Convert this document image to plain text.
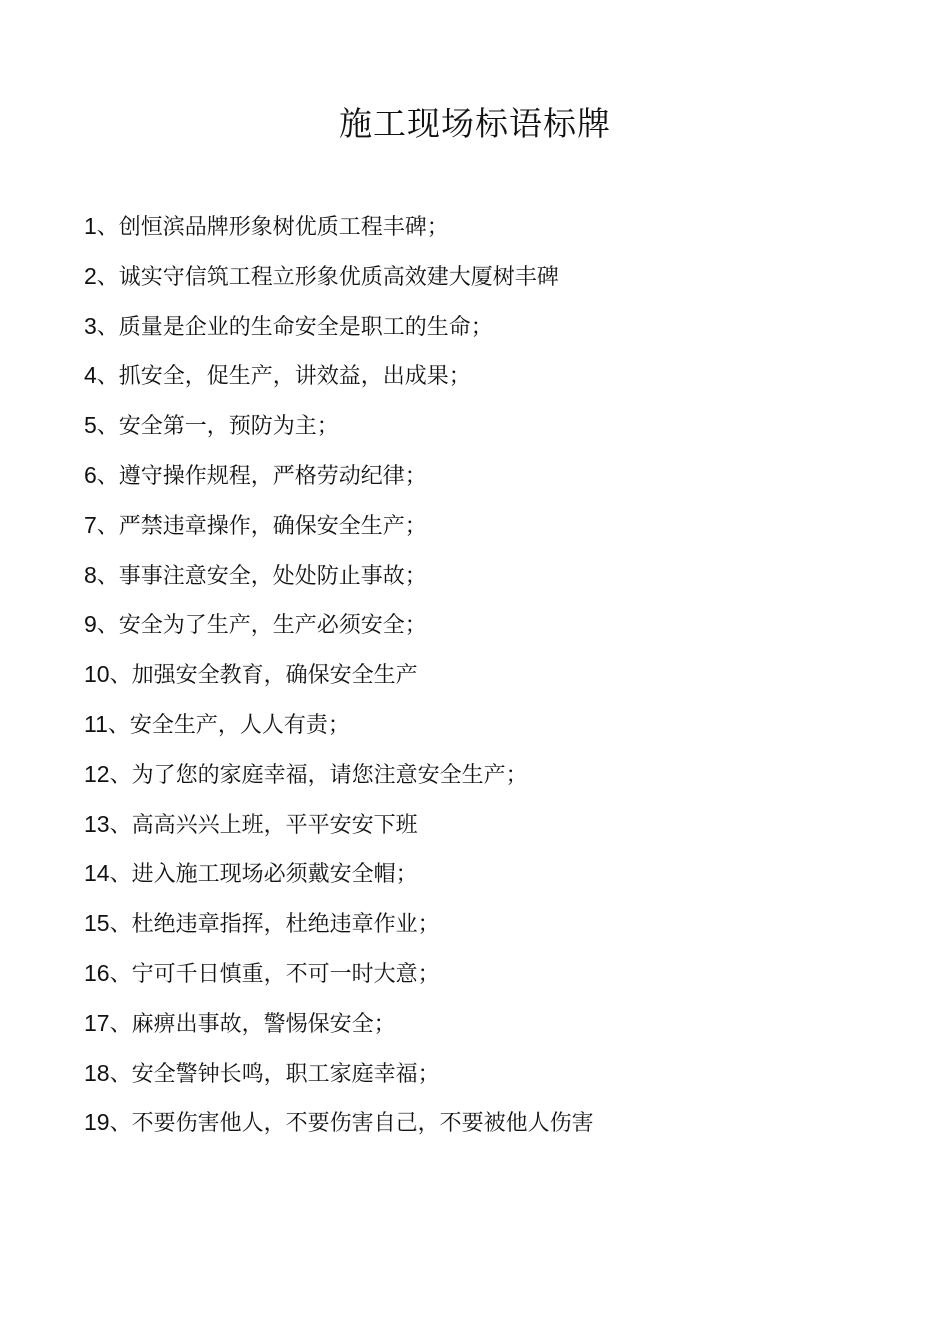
施工现场标语标牌
1、创恒滨品牌形象树优质工程丰碑；
2、诚实守信筑工程立形象优质高效建大厦树丰碑
3、质量是企业的生命安全是职工的生命；
4、抓安全，促生产，讲效益，出成果；
5、安全第一，预防为主；
6、遵守操作规程，严格劳动纪律；
7、严禁违章操作，确保安全生产；
8、事事注意安全，处处防止事故；
9、安全为了生产，生产必须安全；
10、加强安全教育，确保安全生产
11、安全生产，人人有责；
12、为了您的家庭幸福，请您注意安全生产；
13、高高兴兴上班，平平安安下班
14、进入施工现场必须戴安全帽；
15、杜绝违章指挥，杜绝违章作业；
16、宁可千日慎重，不可一时大意；
17、麻痹出事故，警惕保安全；
18、安全警钟长鸣，职工家庭幸福；
19、不要伤害他人，不要伤害自己，不要被他人伤害
